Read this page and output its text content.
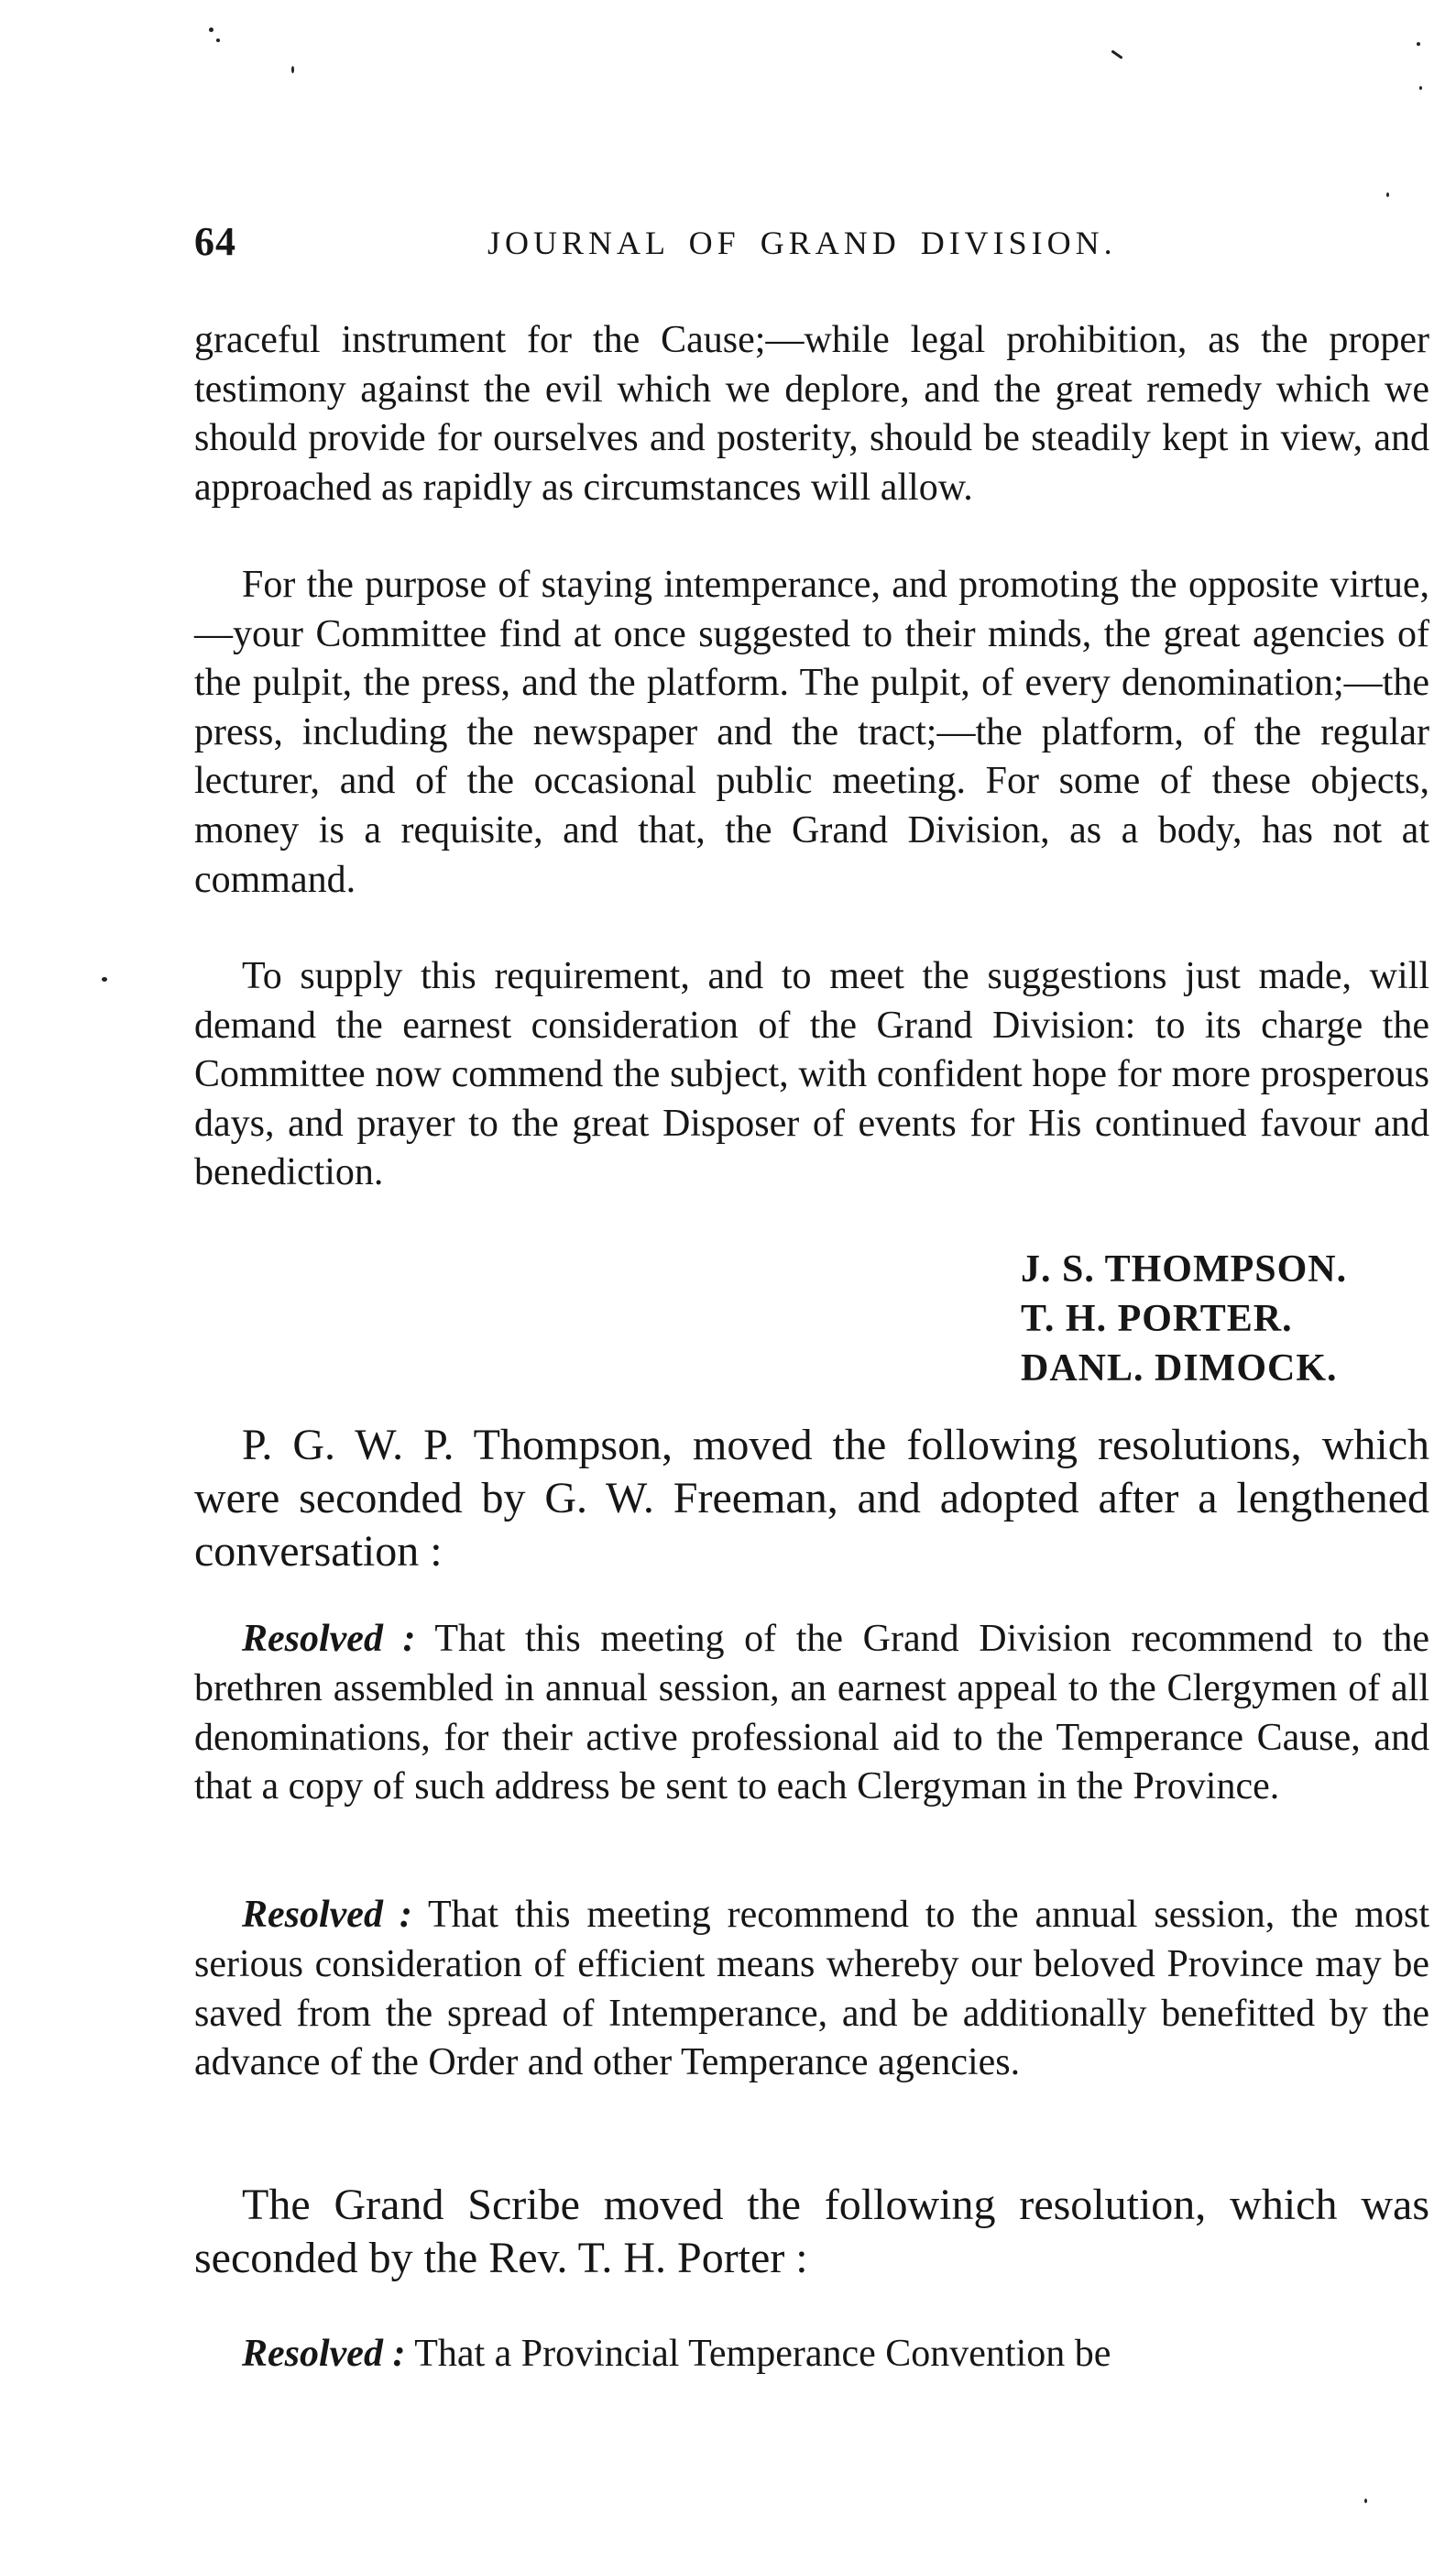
64	JOURNAL OF GRAND DIVISION.

graceful instrument for the Cause;—while legal prohibition, as the proper testimony against the evil which we deplore, and the great remedy which we should provide for ourselves and posterity, should be steadily kept in view, and approached as rapidly as circumstances will allow.

For the purpose of staying intemperance, and promoting the opposite virtue,—your Committee find at once suggested to their minds, the great agencies of the pulpit, the press, and the platform. The pulpit, of every denomination;—the press, including the newspaper and the tract;—the platform, of the regular lecturer, and of the occasional public meeting. For some of these objects, money is a requisite, and that, the Grand Division, as a body, has not at command.

To supply this requirement, and to meet the suggestions just made, will demand the earnest consideration of the Grand Division: to its charge the Committee now commend the subject, with confident hope for more prosperous days, and prayer to the great Disposer of events for His continued favour and benediction.

J. S. THOMPSON.
T. H. PORTER.
DANL. DIMOCK.

P. G. W. P. Thompson, moved the following resolutions, which were seconded by G. W. Freeman, and adopted after a lengthened conversation :

Resolved : That this meeting of the Grand Division recommend to the brethren assembled in annual session, an earnest appeal to the Clergymen of all denominations, for their active professional aid to the Temperance Cause, and that a copy of such address be sent to each Clergyman in the Province.

Resolved : That this meeting recommend to the annual session, the most serious consideration of efficient means whereby our beloved Province may be saved from the spread of Intemperance, and be additionally benefitted by the advance of the Order and other Temperance agencies.

The Grand Scribe moved the following resolution, which was seconded by the Rev. T. H. Porter :

Resolved : That a Provincial Temperance Convention be
